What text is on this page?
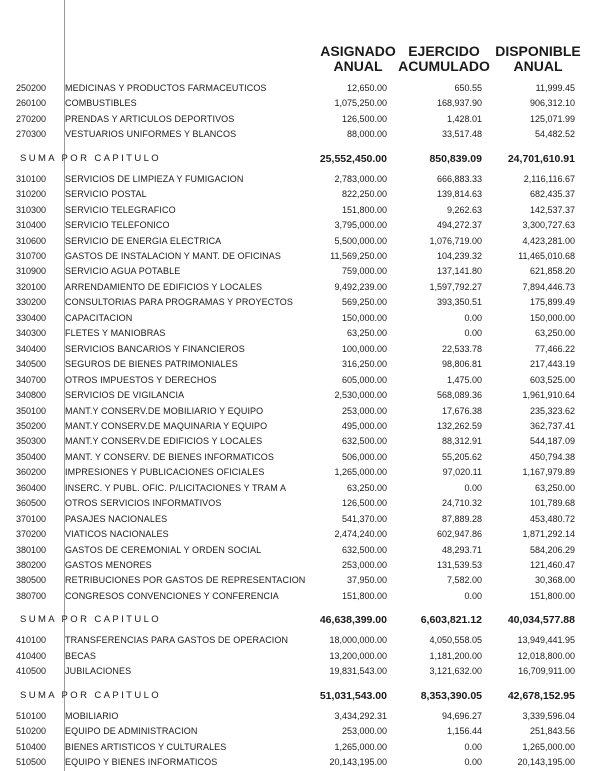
ASIGNADO
ANUAL
EJERCIDO
ACUMULADO
DISPONIBLE
ANUAL
250200 MEDICINAS Y PRODUCTOS FARMACEUTICOS	12,650.00	650.55	11,999.45
260100 COMBUSTIBLES	1,075,250.00	168,937.90	906,312.10
270200 PRENDAS Y ARTICULOS DEPORTIVOS	126,500.00	1,428.01	125,071.99
270300 VESTUARIOS UNIFORMES Y BLANCOS	88,000.00	33,517.48	54,482.52
SUMA POR CAPITULO	25,552,450.00	850,839.09 24,701,610.91
310100 SERVICIOS DE LIMPIEZA Y FUMIGACION	2,783,000.00	666,883.33	2,116,116.67
310200 SERVICIO POSTAL	822,250.00	139,814.63	682,435.37
310300 SERVICIO TELEGRAFICO	151,800.00	9,262.63	142,537.37
310400 SERVICIO TELEFONICO	3,795,000.00	494,272.37	3,300,727.63
310600 SERVICIO DE ENERGIA ELECTRICA	5,500,000.00	1,076,719.00	4,423,281.00
310700 GASTOS DE INSTALACION Y MANT. DE OFICINAS	11,569,250.00	104,239.32	11,465,010.68
310900 SERVICIO AGUA POTABLE	759,000.00	137,141.80	621,858.20
320100 ARRENDAMIENTO DE EDIFICIOS Y LOCALES	9,492,239.00	1,597,792.27	7,894,446.73
330200 CONSULTORIAS PARA PROGRAMAS Y PROYECTOS	569,250.00	393,350.51	175,899.49
330400 CAPACITACION	150,000.00	0.00	150,000.00
340300 FLETES Y MANIOBRAS	63,250.00	0.00	63,250.00
340400 SERVICIOS BANCARIOS Y FINANCIEROS	100,000.00	22,533.78	77,466.22
340500 SEGUROS DE BIENES PATRIMONIALES	316,250.00	98,806.81	217,443.19
340700 OTROS IMPUESTOS Y DERECHOS	605,000.00	1,475.00	603,525.00
340800 SERVICIOS DE VIGILANCIA	2,530,000.00	568,089.36	1,961,910.64
350100 MANT.Y CONSERV.DE MOBILIARIO Y EQUIPO	253,000.00	17,676.38	235,323.62
350200 MANT.Y CONSERV.DE MAQUINARIA Y EQUIPO	495,000.00	132,262.59	362,737.41
350300 MANT.Y CONSERV.DE EDIFICIOS Y LOCALES	632,500.00	88,312.91	544,187.09
350400 MANT. Y CONSERV. DE BIENES INFORMATICOS	506,000.00	55,205.62	450,794.38
360200 IMPRESIONES Y PUBLICACIONES OFICIALES	1,265,000.00	97,020.11	1,167,979.89
360400 INSERC. Y PUBL. OFIC. P/LICITACIONES Y TRAM A	63,250.00	0.00	63,250.00
360500 OTROS SERVICIOS INFORMATIVOS	126,500.00	24,710.32	101,789.68
370100 PASAJES NACIONALES	541,370.00	87,889.28	453,480.72
370200 VIATICOS NACIONALES	2,474,240.00	602,947.86	1,871,292.14
380100 GASTOS DE CEREMONIAL Y ORDEN SOCIAL	632,500.00	48,293.71	584,206.29
380200 GASTOS MENORES	253,000.00	131,539.53	121,460.47
380500 RETRIBUCIONES POR GASTOS DE REPRESENTACION	37,950.00	7,582.00	30,368.00
380700 CONGRESOS CONVENCIONES Y CONFERENCIA	151,800.00	0.00	151,800.00
SUMA POR CAPITULO	46,638,399.00	6,603,821.12 40,034,577.88
410100 TRANSFERENCIAS PARA GASTOS DE OPERACION	18,000,000.00	4,050,558.05	13,949,441.95
410400 BECAS	13,200,000.00	1,181,200.00	12,018,800.00
410500 JUBILACIONES	19,831,543.00	3,121,632.00	16,709,911.00
SUMA POR CAPITULO	51,031,543.00	8,353,390.05 42,678,152.95
510100 MOBILIARIO	3,434,292.31	94,696.27	3,339,596.04
510200 EQUIPO DE ADMINISTRACION	253,000.00	1,156.44	251,843.56
510400 BIENES ARTISTICOS Y CULTURALES	1,265,000.00	0.00	1,265,000.00
510500 EQUIPO Y BIENES INFORMATICOS	20,143,195.00	0.00	20,143,195.00
